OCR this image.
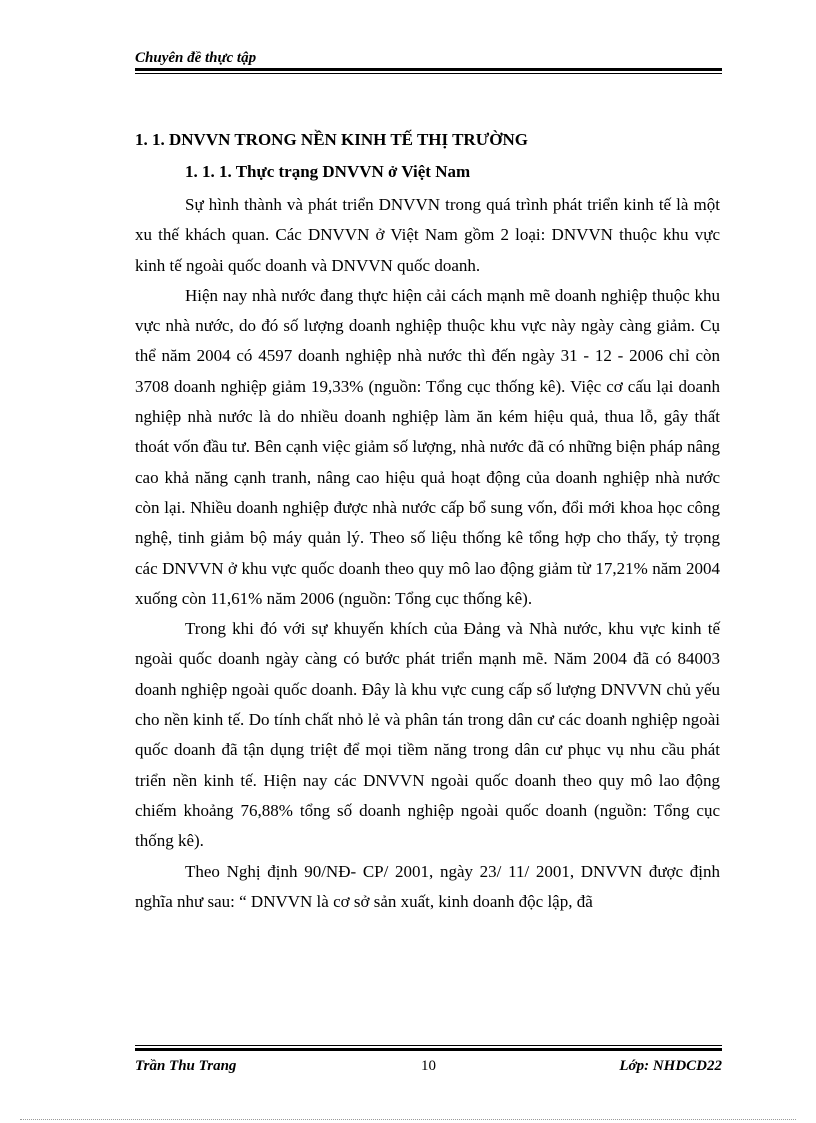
Chuyên đề thực tập
1. 1. DNVVN TRONG NỀN KINH TẾ THỊ TRƯỜNG
1. 1. 1. Thực trạng DNVVN ở Việt Nam

Sự hình thành và phát triển DNVVN trong quá trình phát triển kinh tế là một xu thế khách quan. Các DNVVN ở Việt Nam gồm 2 loại: DNVVN thuộc khu vực kinh tế ngoài quốc doanh và DNVVN quốc doanh.

Hiện nay nhà nước đang thực hiện cải cách mạnh mẽ doanh nghiệp thuộc khu vực nhà nước, do đó số lượng doanh nghiệp thuộc khu vực này ngày càng giảm. Cụ thể năm 2004 có 4597 doanh nghiệp nhà nước thì đến ngày 31 - 12 - 2006 chỉ còn 3708 doanh nghiệp giảm 19,33% (nguồn: Tổng cục thống kê). Việc cơ cấu lại doanh nghiệp nhà nước là do nhiều doanh nghiệp làm ăn kém hiệu quả, thua lỗ, gây thất thoát vốn đầu tư. Bên cạnh việc giảm số lượng, nhà nước đã có những biện pháp nâng cao khả năng cạnh tranh, nâng cao hiệu quả hoạt động của doanh nghiệp nhà nước còn lại. Nhiều doanh nghiệp được nhà nước cấp bổ sung vốn, đổi mới khoa học công nghệ, tinh giảm bộ máy quản lý. Theo số liệu thống kê tổng hợp cho thấy, tỷ trọng các DNVVN ở khu vực quốc doanh theo quy mô lao động giảm từ 17,21% năm 2004 xuống còn 11,61% năm 2006 (nguồn: Tổng cục thống kê).

Trong khi đó với sự khuyến khích của Đảng và Nhà nước, khu vực kinh tế ngoài quốc doanh ngày càng có bước phát triển mạnh mẽ. Năm 2004 đã có 84003 doanh nghiệp ngoài quốc doanh. Đây là khu vực cung cấp số lượng DNVVN chủ yếu cho nền kinh tế. Do tính chất nhỏ lẻ và phân tán trong dân cư các doanh nghiệp ngoài quốc doanh đã tận dụng triệt để mọi tiềm năng trong dân cư phục vụ nhu cầu phát triển nền kinh tế. Hiện nay các DNVVN ngoài quốc doanh theo quy mô lao động chiếm khoảng 76,88% tổng số doanh nghiệp ngoài quốc doanh (nguồn: Tổng cục thống kê).

Theo Nghị định 90/NĐ- CP/ 2001, ngày 23/ 11/ 2001, DNVVN được định nghĩa như sau: “ DNVVN là cơ sở sản xuất, kinh doanh độc lập, đã

Trần Thu Trang	10	Lớp: NHDCD22
